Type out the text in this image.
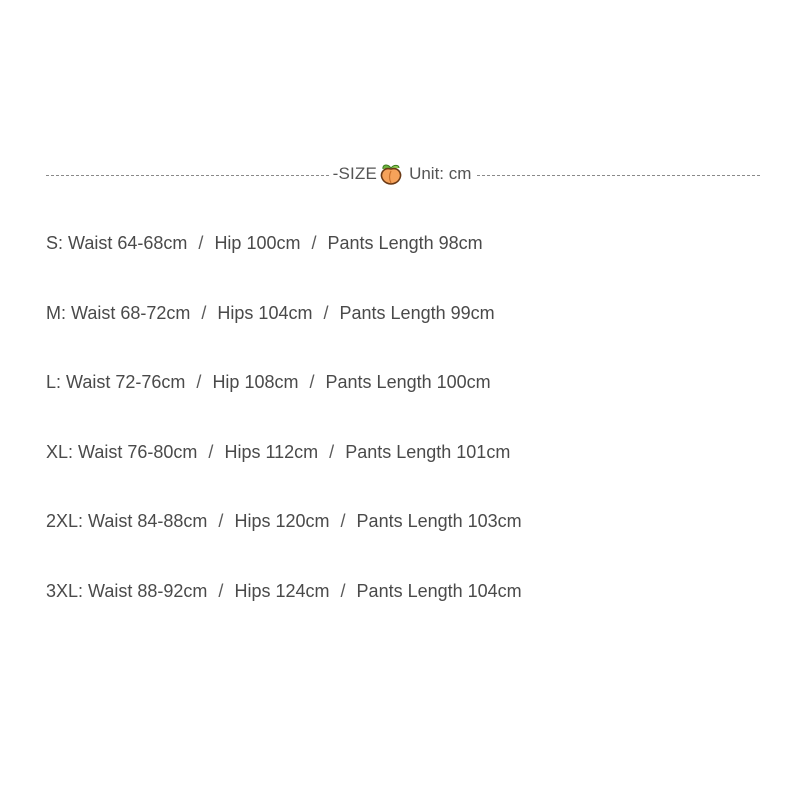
-SIZE Unit: cm
S: Waist 64-68cm / Hip 100cm / Pants Length 98cm
M: Waist 68-72cm / Hips 104cm / Pants Length 99cm
L: Waist 72-76cm / Hip 108cm / Pants Length 100cm
XL: Waist 76-80cm / Hips 112cm / Pants Length 101cm
2XL: Waist 84-88cm / Hips 120cm / Pants Length 103cm
3XL: Waist 88-92cm / Hips 124cm / Pants Length 104cm
